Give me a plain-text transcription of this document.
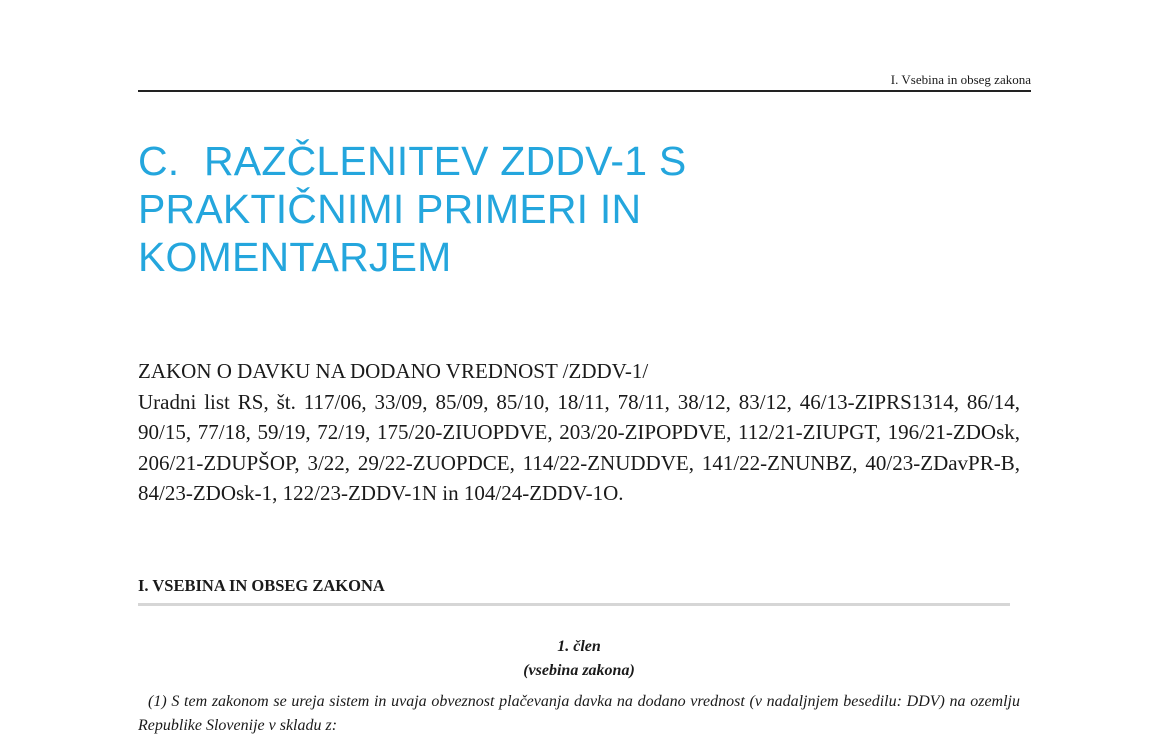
I. Vsebina in obseg zakona
C. RAZČLENITEV ZDDV-1 S
PRAKTIČNIMI PRIMERI IN
KOMENTARJEM
ZAKON O DAVKU NA DODANO VREDNOST /ZDDV-1/
Uradni list RS, št. 117/06, 33/09, 85/09, 85/10, 18/11, 78/11, 38/12, 83/12, 46/13-ZIPRS1314, 86/14, 90/15, 77/18, 59/19, 72/19, 175/20-ZIUOPDVE, 203/20-ZIPOPDVE, 112/21-ZIUPGT, 196/21-ZDOsk, 206/21-ZDUPŠOP, 3/22, 29/22-ZUOPDCE, 114/22-ZNUDDVE, 141/22-ZNUNBZ, 40/23-ZDavPR-B, 84/23-ZDOsk-1, 122/23-ZDDV-1N in 104/24-ZDDV-1O.
I. VSEBINA IN OBSEG ZAKONA
1. člen
(vsebina zakona)
(1) S tem zakonom se ureja sistem in uvaja obveznost plačevanja davka na dodano vrednost (v nadaljnjem besedilu: DDV) na ozemlju Republike Slovenije v skladu z:
